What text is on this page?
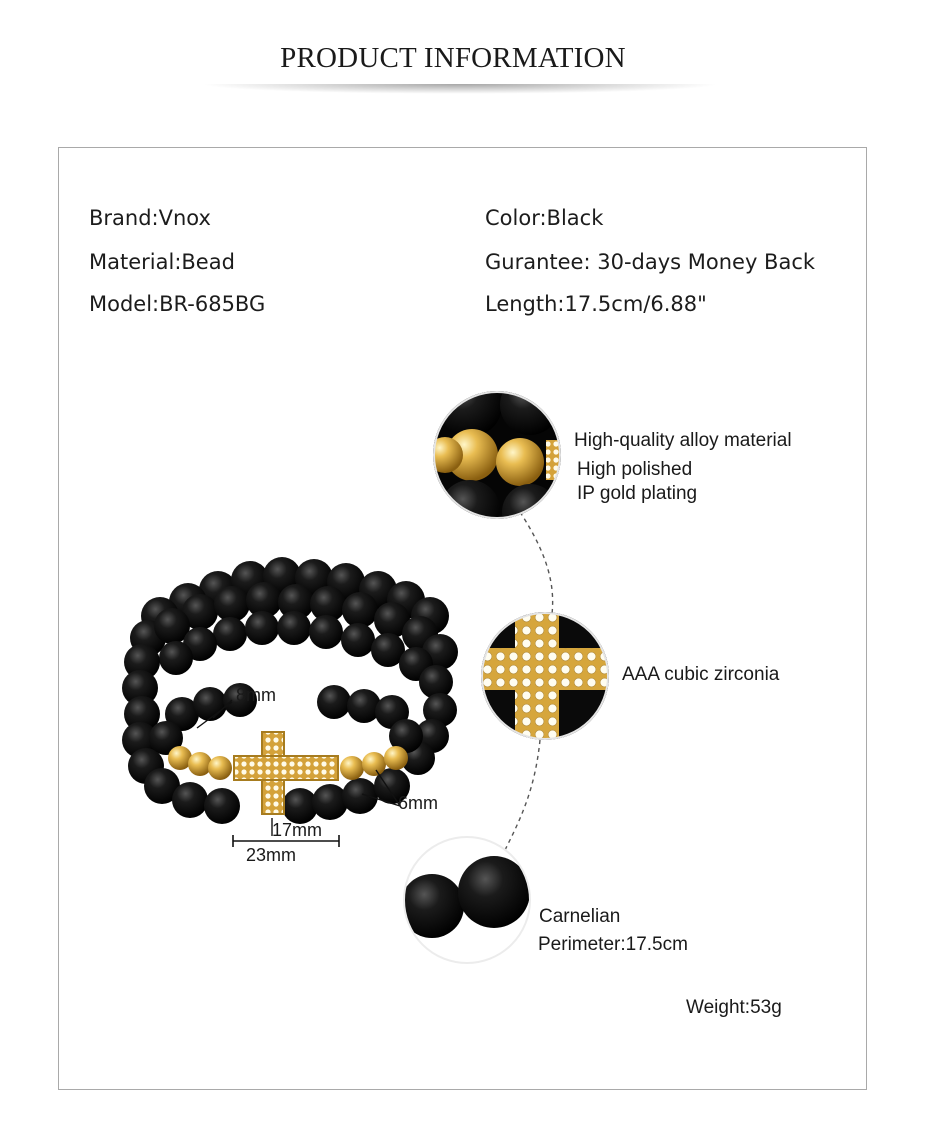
PRODUCT INFORMATION
Brand:Vnox
Material:Bead
Model:BR-685BG
Color:Black
Gurantee: 30-days Money Back
Length:17.5cm/6.88"
8mm
6mm
17mm
23mm
High-quality alloy material
High polished
IP gold plating
AAA cubic zirconia
Carnelian
Perimeter:17.5cm
Weight:53g
